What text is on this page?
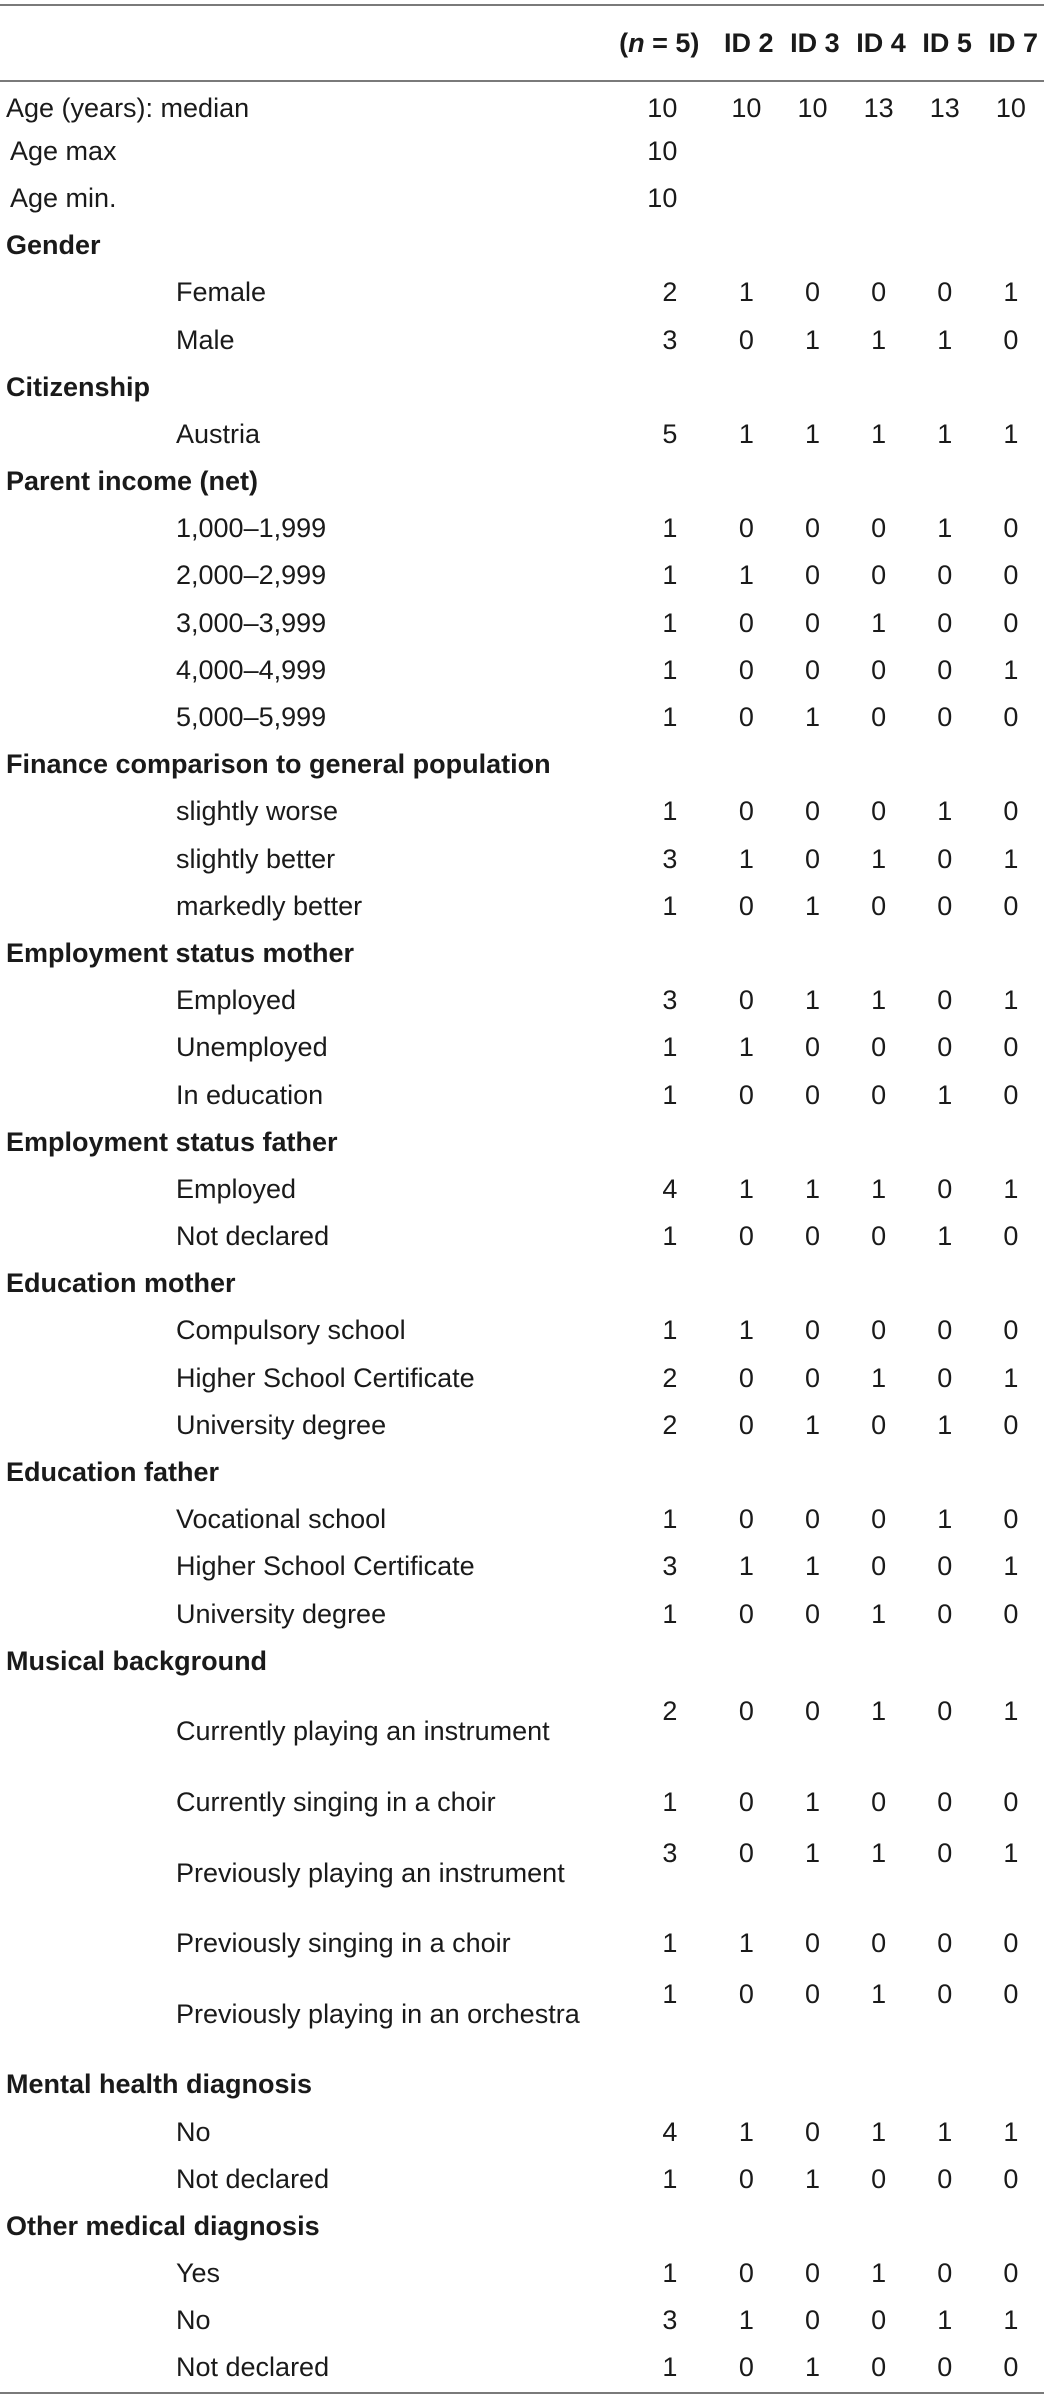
	(n = 5)	ID 2	ID 3	ID 4	ID 5	ID 7
Age (years): median	10	10	10	13	13	10
Age max	10					
Age min.	10					
Gender						
Female	2	1	0	0	0	1
Male	3	0	1	1	1	0
Citizenship						
Austria	5	1	1	1	1	1
Parent income (net)						
1,000–1,999	1	0	0	0	1	0
2,000–2,999	1	1	0	0	0	0
3,000–3,999	1	0	0	1	0	0
4,000–4,999	1	0	0	0	0	1
5,000–5,999	1	0	1	0	0	0
Finance comparison to general population						
slightly worse	1	0	0	0	1	0
slightly better	3	1	0	1	0	1
markedly better	1	0	1	0	0	0
Employment status mother						
Employed	3	0	1	1	0	1
Unemployed	1	1	0	0	0	0
In education	1	0	0	0	1	0
Employment status father						
Employed	4	1	1	1	0	1
Not declared	1	0	0	0	1	0
Education mother						
Compulsory school	1	1	0	0	0	0
Higher School Certificate	2	0	0	1	0	1
University degree	2	0	1	0	1	0
Education father						
Vocational school	1	0	0	0	1	0
Higher School Certificate	3	1	1	0	0	1
University degree	1	0	0	1	0	0
Musical background						
Currently playing an instrument	2	0	0	1	0	1
Currently singing in a choir	1	0	1	0	0	0
Previously playing an instrument	3	0	1	1	0	1
Previously singing in a choir	1	1	0	0	0	0
Previously playing in an orchestra	1	0	0	1	0	0
Mental health diagnosis						
No	4	1	0	1	1	1
Not declared	1	0	1	0	0	0
Other medical diagnosis						
Yes	1	0	0	1	0	0
No	3	1	0	0	1	1
Not declared	1	0	1	0	0	0
